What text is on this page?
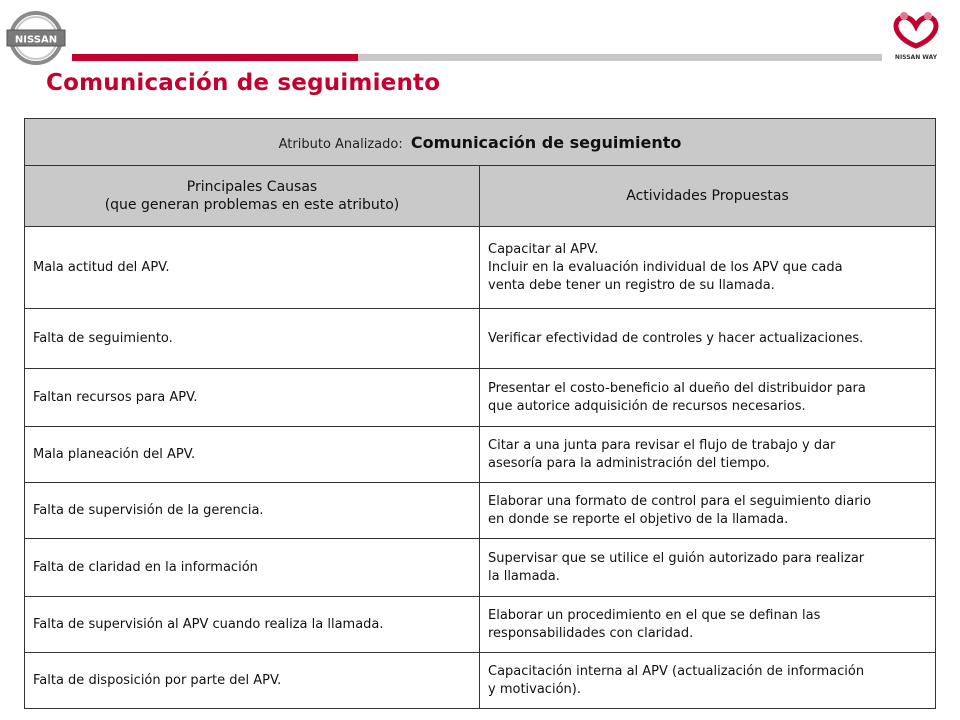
NISSAN
NISSAN WAY
Comunicación de seguimiento
Atributo Analizado: Comunicación de seguimiento	

Principales Causas
(que generan problemas en este atributo)	Actividades Propuestas
Mala actitud del APV.	Capacitar al APV.
Incluir en la evaluación individual de los APV que cada
venta debe tener un registro de su llamada.

Falta de seguimiento.	Verificar efectividad de controles y hacer actualizaciones.

Faltan recursos para APV.	Presentar el costo-beneficio al dueño del distribuidor para
que autorice adquisición de recursos necesarios.

Mala planeación del APV.	Citar a una junta para revisar el flujo de trabajo y dar
asesoría para la administración del tiempo.

Falta de supervisión de la gerencia.	Elaborar una formato de control para el seguimiento diario
en donde se reporte el objetivo de la llamada.

Falta de claridad en la información	Supervisar que se utilice el guión autorizado para realizar
la llamada.

Falta de supervisión al APV cuando realiza la llamada.	Elaborar un procedimiento en el que se definan las
responsabilidades con claridad.

Falta de disposición por parte del APV.	Capacitación interna al APV (actualización de información
y motivación).
